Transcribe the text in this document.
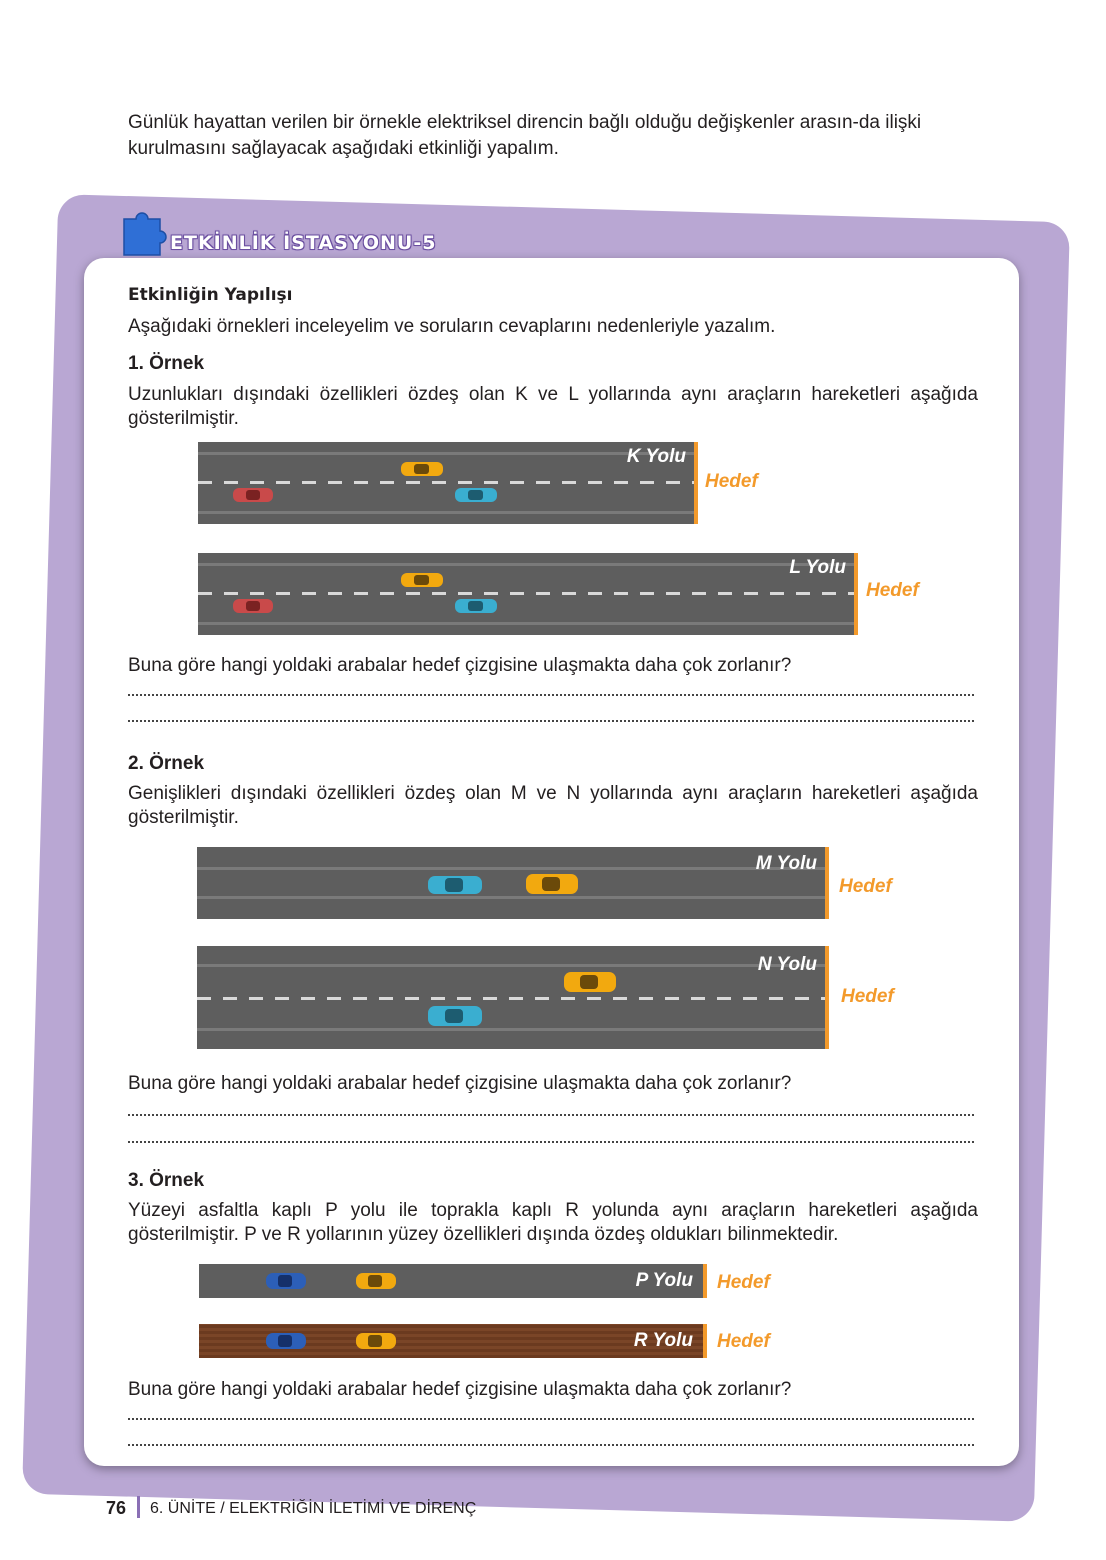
Günlük hayattan verilen bir örnekle elektriksel direncin bağlı olduğu değişkenler arasın-da ilişki kurulmasını sağlayacak aşağıdaki etkinliği yapalım.
ETKİNLİK İSTASYONU-5
Etkinliğin Yapılışı
Aşağıdaki örnekleri inceleyelim ve soruların cevaplarını nedenleriyle yazalım.
1. Örnek
Uzunlukları dışındaki özellikleri özdeş olan K ve L yollarında aynı araçların hareketleri aşağıda gösterilmiştir.
K Yolu
Hedef
L Yolu
Hedef
Buna göre hangi yoldaki arabalar hedef çizgisine ulaşmakta daha çok zorlanır?
2. Örnek
Genişlikleri dışındaki özellikleri özdeş olan M ve N yollarında aynı araçların hareketleri aşağıda gösterilmiştir.
M Yolu
Hedef
N Yolu
Hedef
Buna göre hangi yoldaki arabalar hedef çizgisine ulaşmakta daha çok zorlanır?
3. Örnek
Yüzeyi asfaltla kaplı P yolu ile toprakla kaplı R yolunda aynı araçların hareketleri aşağıda gösterilmiştir. P ve R yollarının yüzey özellikleri dışında özdeş oldukları bilinmektedir.
P Yolu Hedef
R Yolu Hedef
Buna göre hangi yoldaki arabalar hedef çizgisine ulaşmakta daha çok zorlanır?
76 6. ÜNİTE / ELEKTRİĞİN İLETİMİ VE DİRENÇ
